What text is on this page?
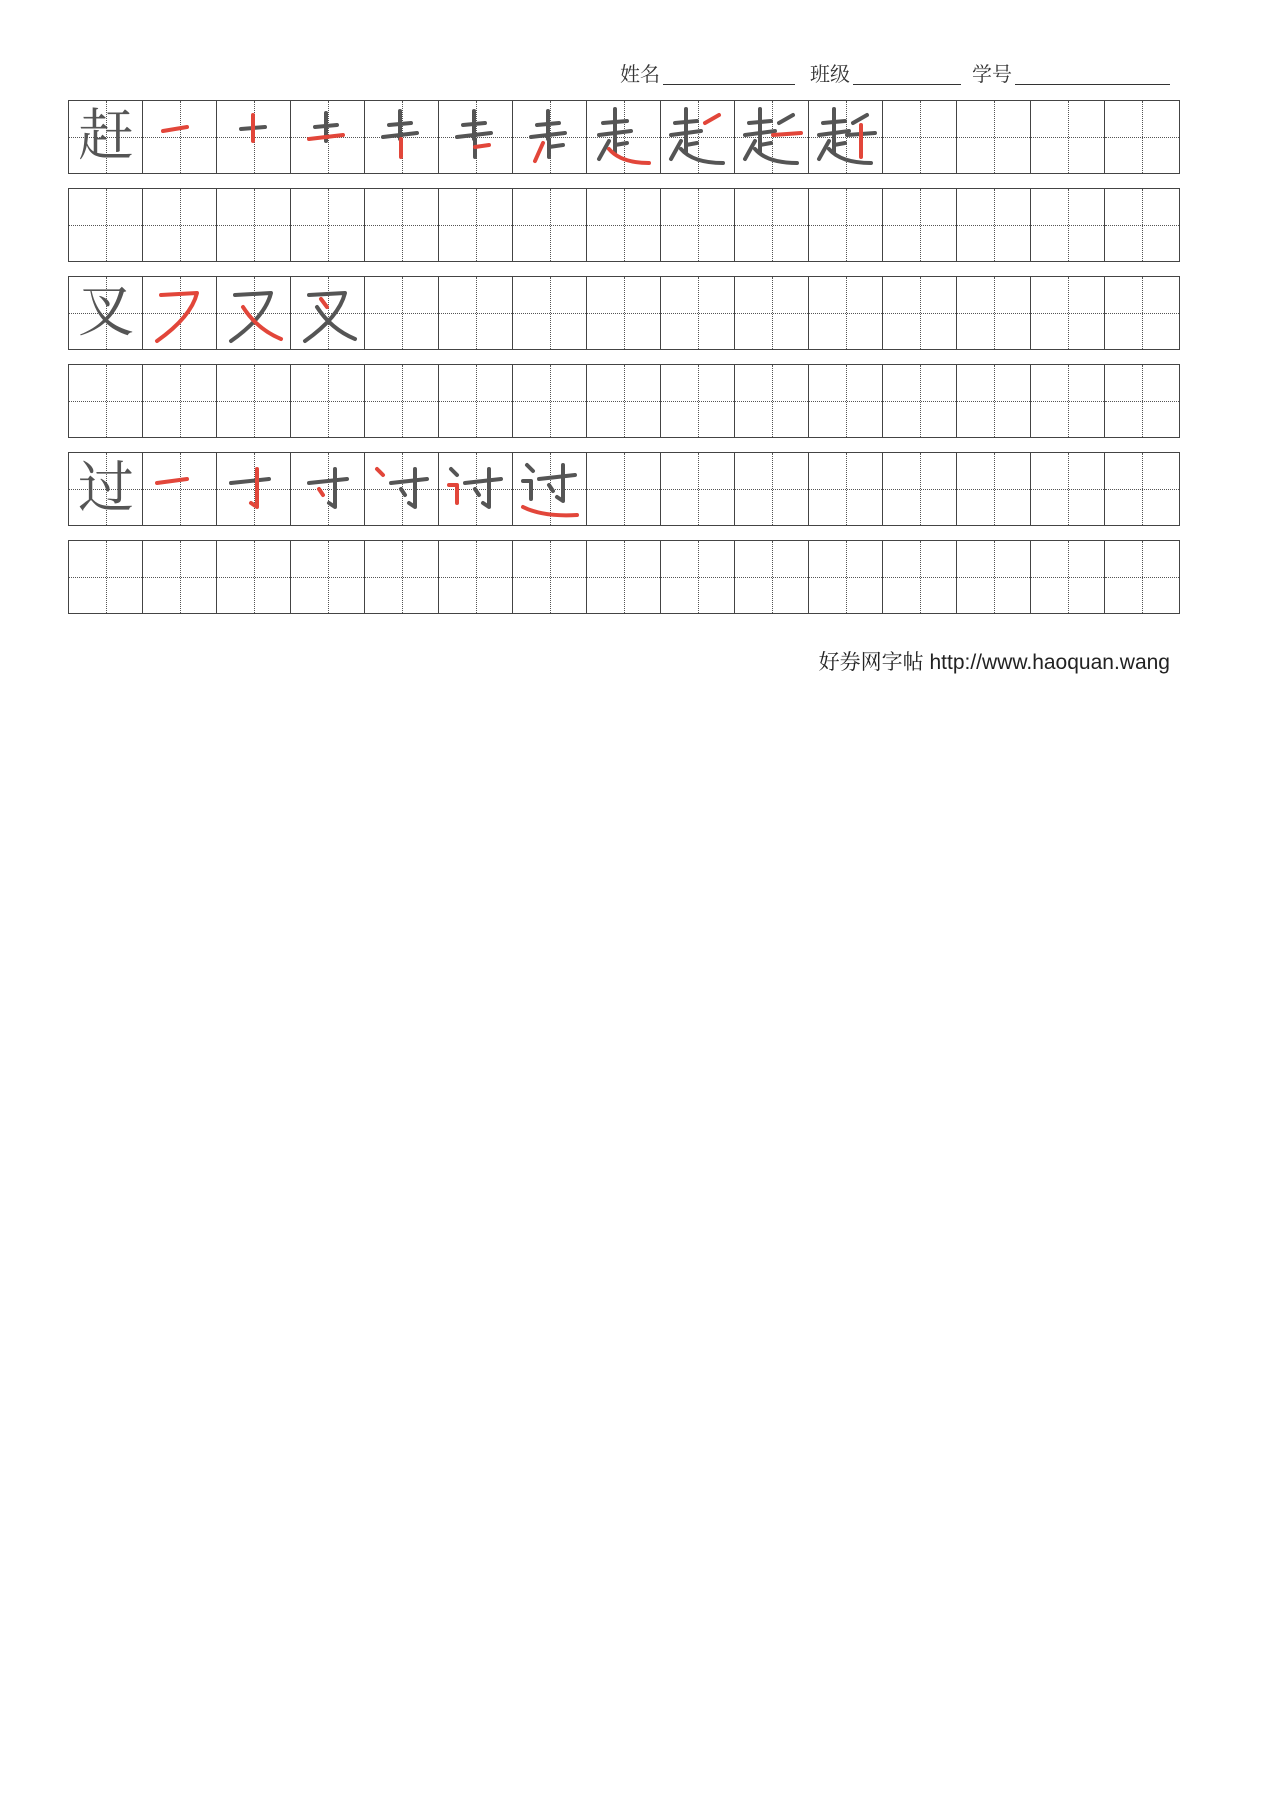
姓名	班级	学号
赶
叉
过
好券网字帖 http://www.haoquan.wang
